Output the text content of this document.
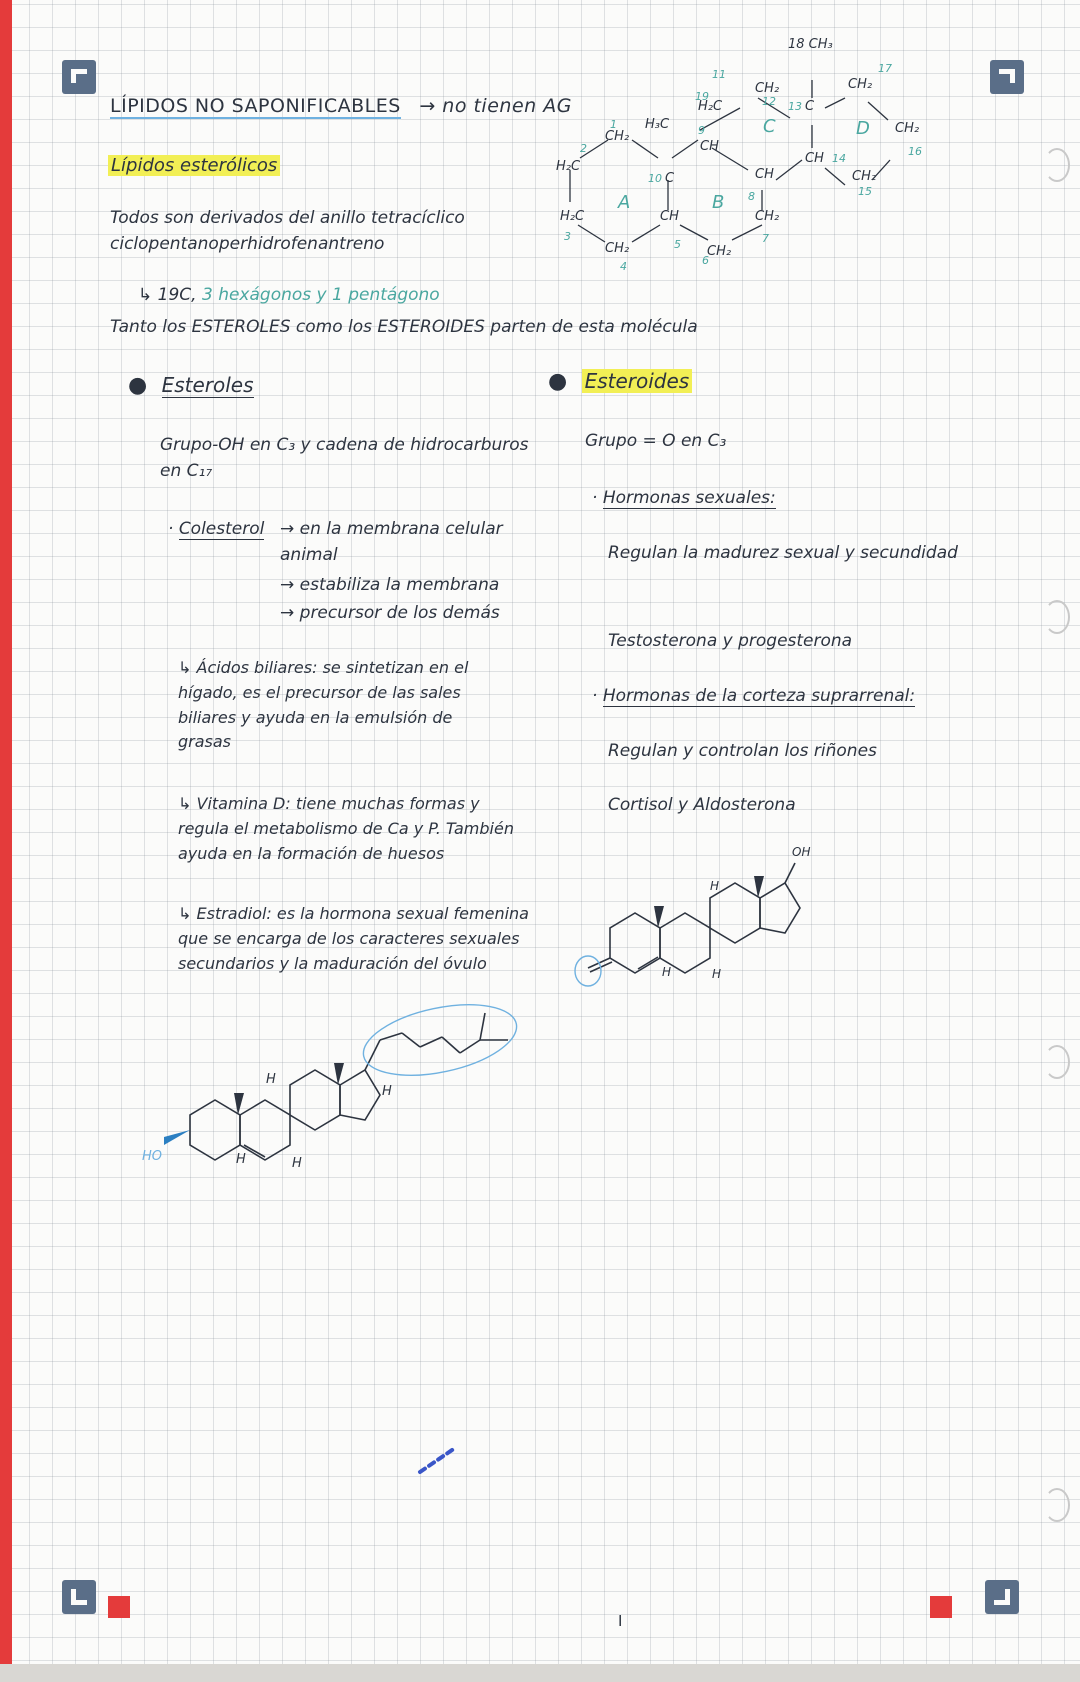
LÍPIDOS NO SAPONIFICABLES → no tienen AG
Lípidos esterólicos
Todos son derivados del anillo tetracíclico ciclopentanoperhidrofenantreno
↳ 19C, 3 hexágonos y 1 pentágono
Tanto los ESTEROLES como los ESTEROIDES parten de esta molécula
H₂C
CH₂
H₂C
CH₂
C
CH
H₃C
H₂C
CH₂
CH
CH₂
CH
CH₂
C
CH
18 CH₃
CH₂
CH₂
CH₂
1
2
3
4
5
6
7
8
9
10
11
12 13
14
15
16
17
19
A	B
C	D
● Esteroles
Grupo-OH en C₃ y cadena de hidrocarburos en C₁₇
· Colesterol → en la membrana celular animal
→ estabiliza la membrana
→ precursor de los demás
↳ Ácidos biliares: se sintetizan en el hígado, es el precursor de las sales biliares y ayuda en la emulsión de grasas
↳ Vitamina D: tiene muchas formas y regula el metabolismo de Ca y P. También ayuda en la formación de huesos
↳ Estradiol: es la hormona sexual femenina que se encarga de los caracteres sexuales secundarios y la maduración del óvulo
HO
H
H	H
H
● Esteroides
Grupo = O en C₃
· Hormonas sexuales:
Regulan la madurez sexual y secundidad
Testosterona y progesterona
· Hormonas de la corteza suprarrenal:
Regulan y controlan los riñones
Cortisol y Aldosterona
OH
H
H	H
I
